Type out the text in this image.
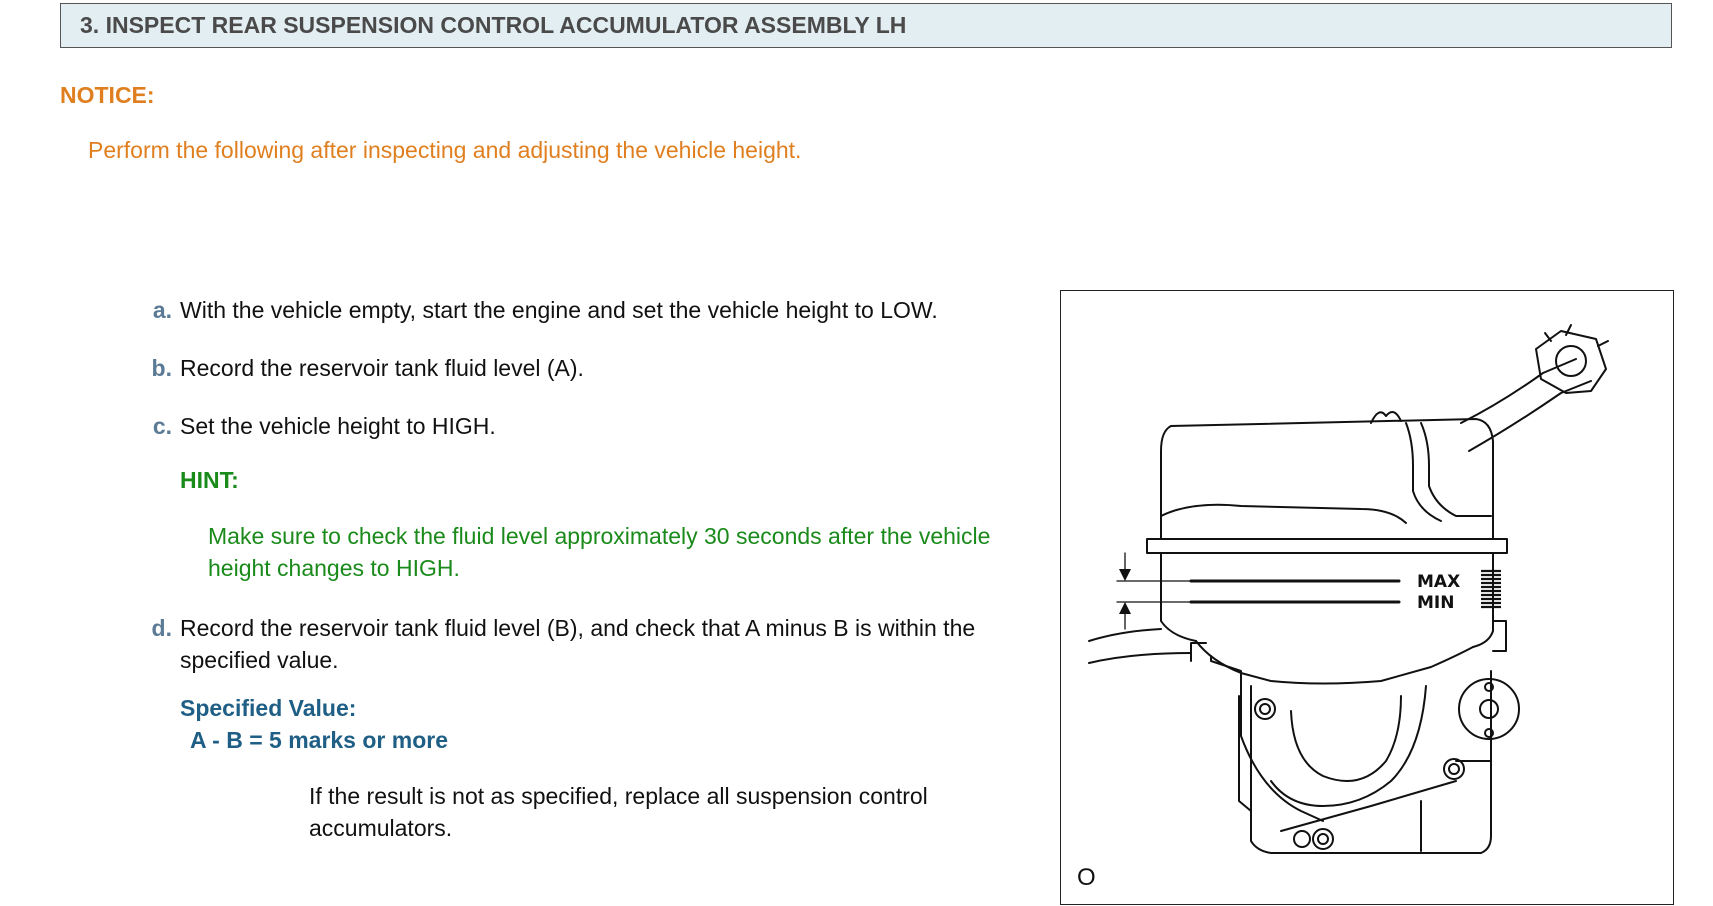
3. INSPECT REAR SUSPENSION CONTROL ACCUMULATOR ASSEMBLY LH
NOTICE:
Perform the following after inspecting and adjusting the vehicle height.
a. With the vehicle empty, start the engine and set the vehicle height to LOW.
b. Record the reservoir tank fluid level (A).
c. Set the vehicle height to HIGH.
HINT:
Make sure to check the fluid level approximately 30 seconds after the vehicle height changes to HIGH.
d. Record the reservoir tank fluid level (B), and check that A minus B is within the specified value.
Specified Value:
A - B = 5 marks or more
If the result is not as specified, replace all suspension control accumulators.
MAX
MIN
O
